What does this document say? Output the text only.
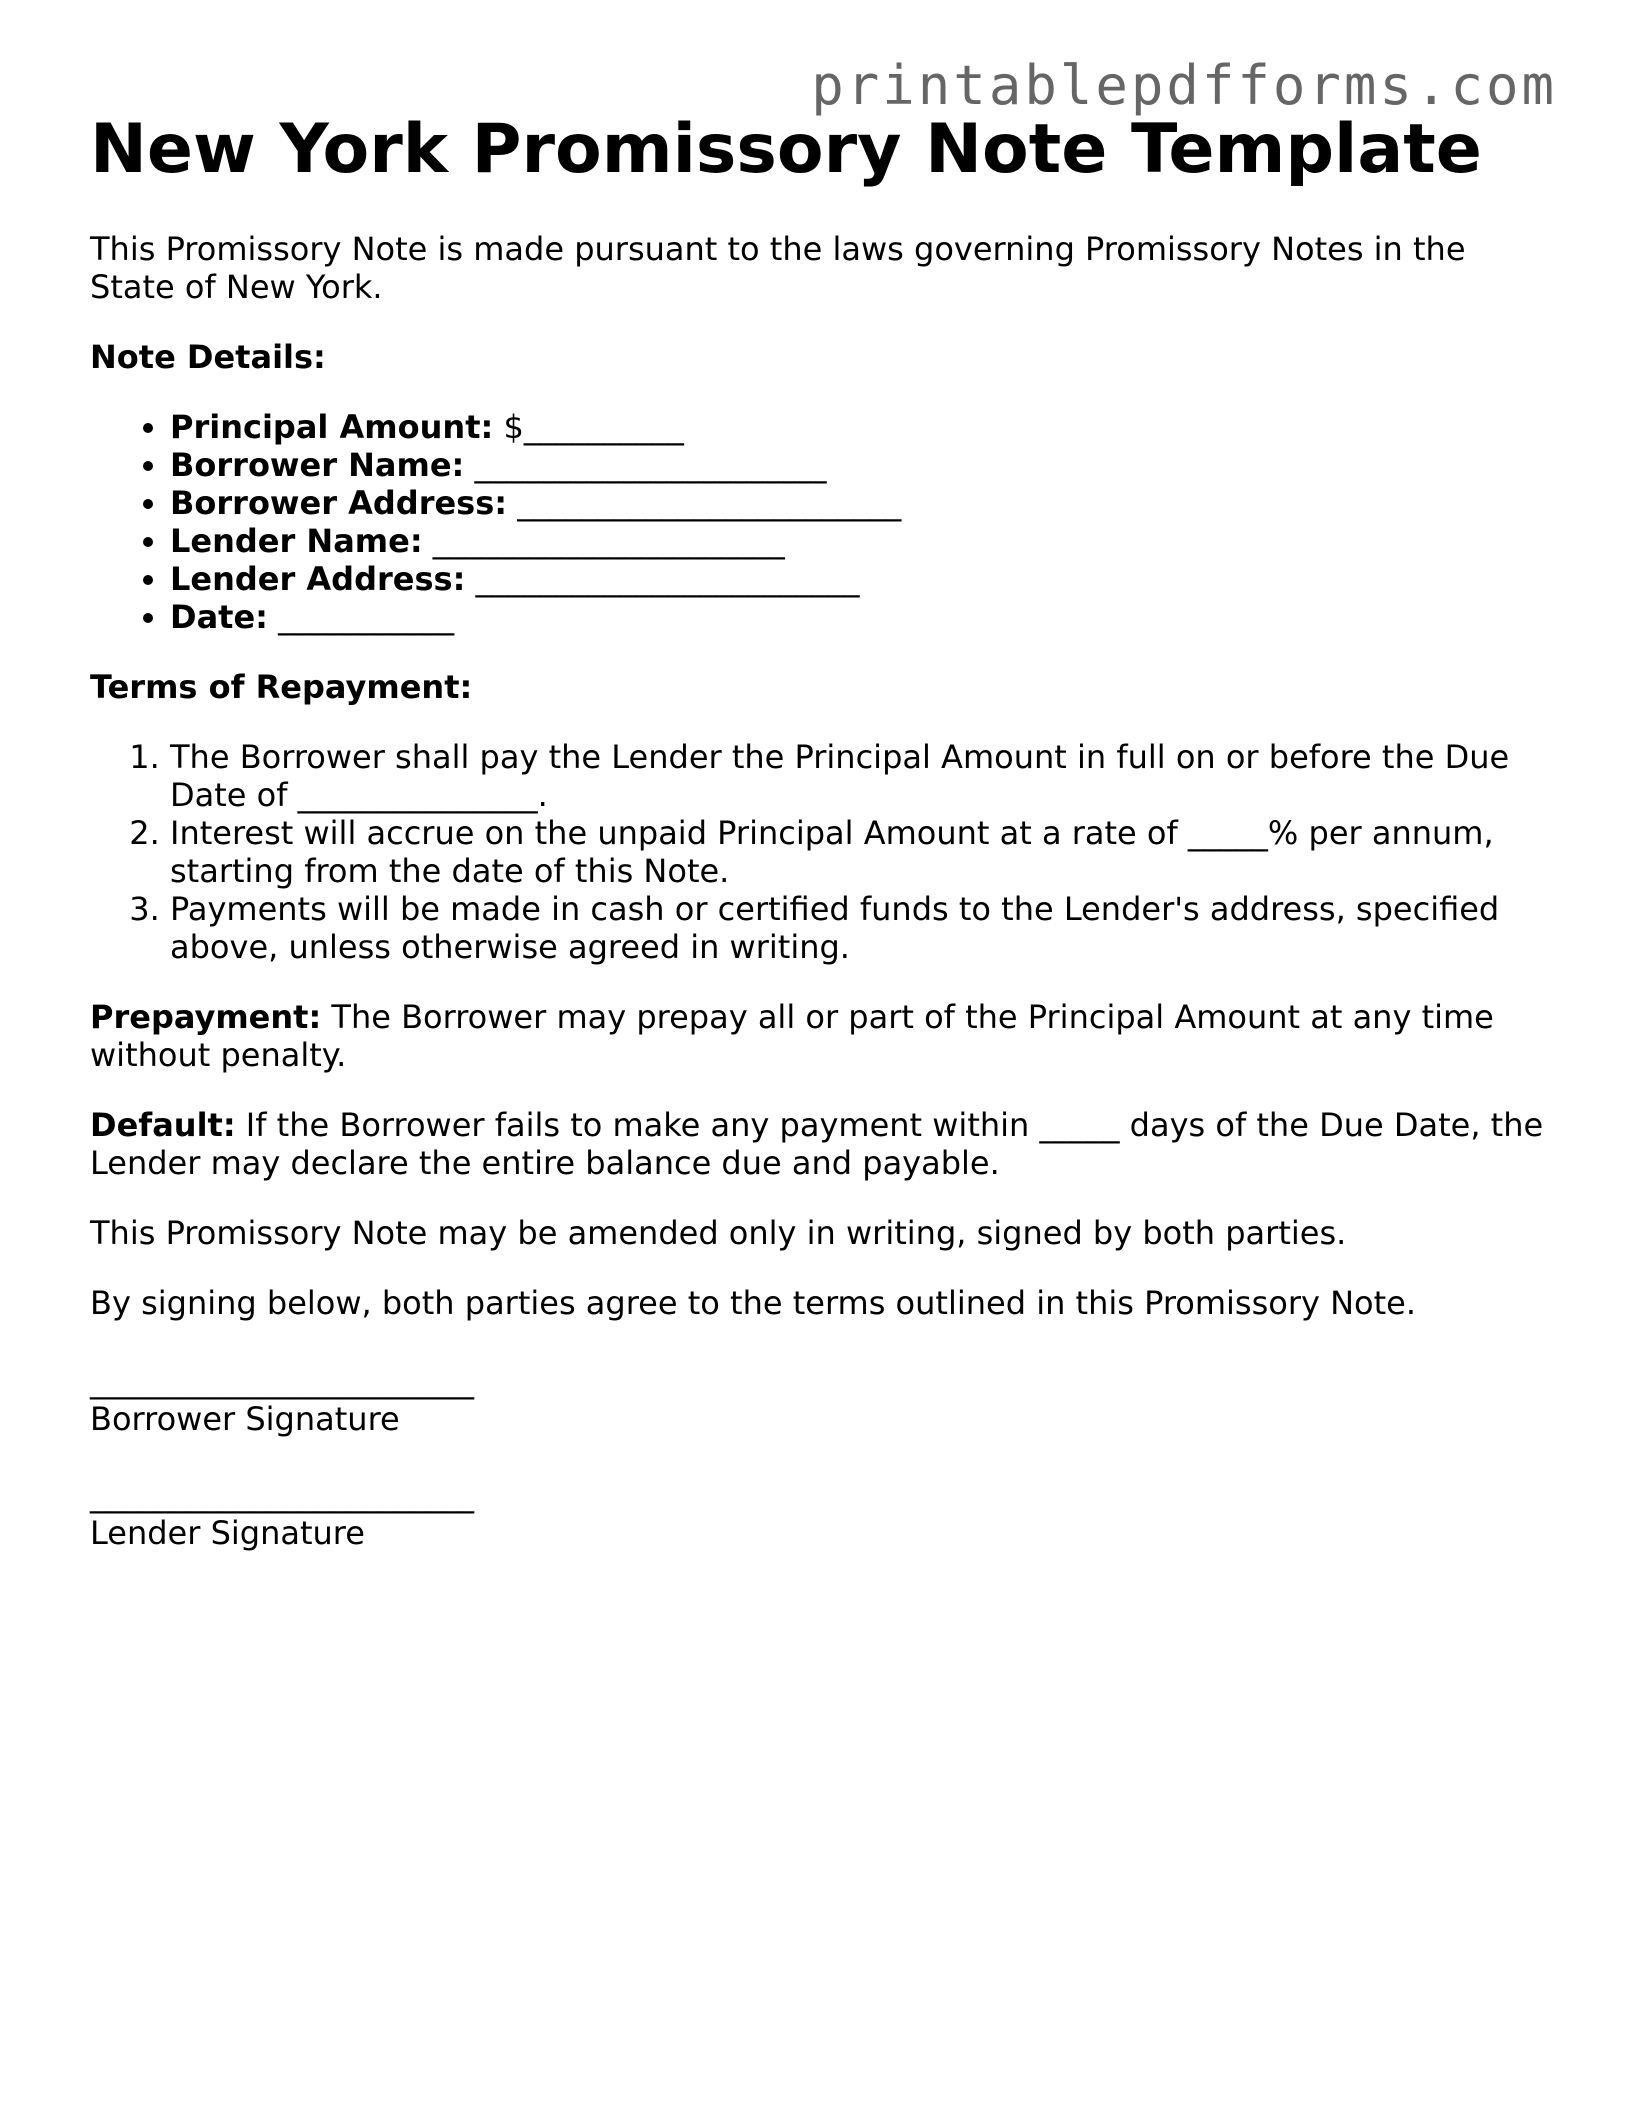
printablepdfforms.com
New York Promissory Note Template

This Promissory Note is made pursuant to the laws governing Promissory Notes in the State of New York.

Note Details:

• Principal Amount: $__________
• Borrower Name: ______________________
• Borrower Address: ________________________
• Lender Name: ______________________
• Lender Address: ________________________
• Date: ___________

Terms of Repayment:

1. The Borrower shall pay the Lender the Principal Amount in full on or before the Due Date of _______________.
2. Interest will accrue on the unpaid Principal Amount at a rate of _____% per annum, starting from the date of this Note.
3. Payments will be made in cash or certified funds to the Lender's address, specified above, unless otherwise agreed in writing.

Prepayment: The Borrower may prepay all or part of the Principal Amount at any time without penalty.

Default: If the Borrower fails to make any payment within _____ days of the Due Date, the Lender may declare the entire balance due and payable.

This Promissory Note may be amended only in writing, signed by both parties.

By signing below, both parties agree to the terms outlined in this Promissory Note.

________________________
Borrower Signature
________________________
Lender Signature
